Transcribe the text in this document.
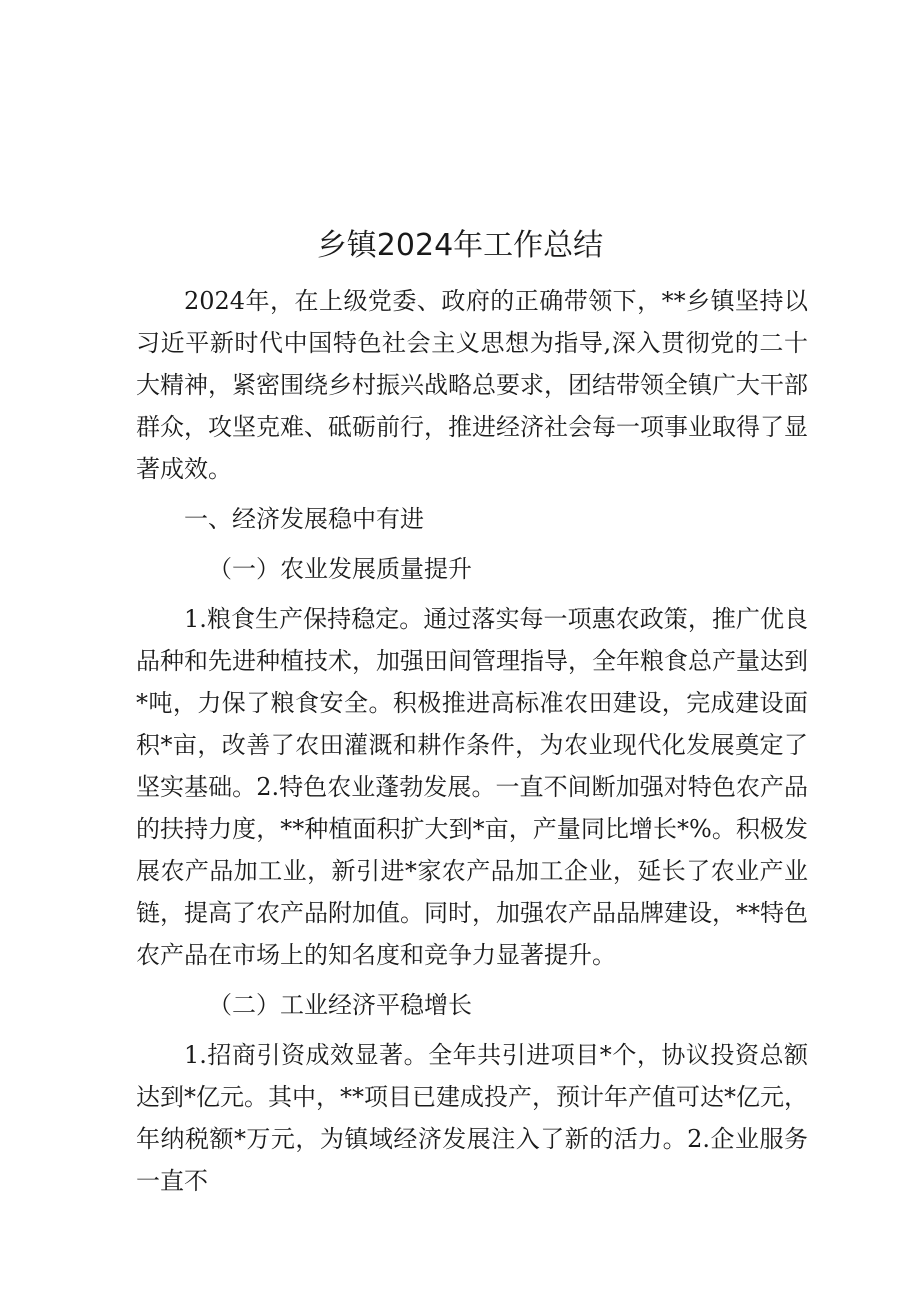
乡镇2024年工作总结

2024年，在上级党委、政府的正确带领下，**乡镇坚持以习近平新时代中国特色社会主义思想为指导,深入贯彻党的二十大精神，紧密围绕乡村振兴战略总要求，团结带领全镇广大干部群众，攻坚克难、砥砺前行，推进经济社会每一项事业取得了显著成效。

一、经济发展稳中有进

（一）农业发展质量提升

1.粮食生产保持稳定。通过落实每一项惠农政策，推广优良品种和先进种植技术，加强田间管理指导，全年粮食总产量达到*吨，力保了粮食安全。积极推进高标准农田建设，完成建设面积*亩，改善了农田灌溉和耕作条件，为农业现代化发展奠定了坚实基础。2.特色农业蓬勃发展。一直不间断加强对特色农产品的扶持力度，**种植面积扩大到*亩，产量同比增长*%。积极发展农产品加工业，新引进*家农产品加工企业，延长了农业产业链，提高了农产品附加值。同时，加强农产品品牌建设，**特色农产品在市场上的知名度和竞争力显著提升。

（二）工业经济平稳增长

1.招商引资成效显著。全年共引进项目*个，协议投资总额达到*亿元。其中，**项目已建成投产，预计年产值可达*亿元，年纳税额*万元，为镇域经济发展注入了新的活力。2.企业服务一直不
